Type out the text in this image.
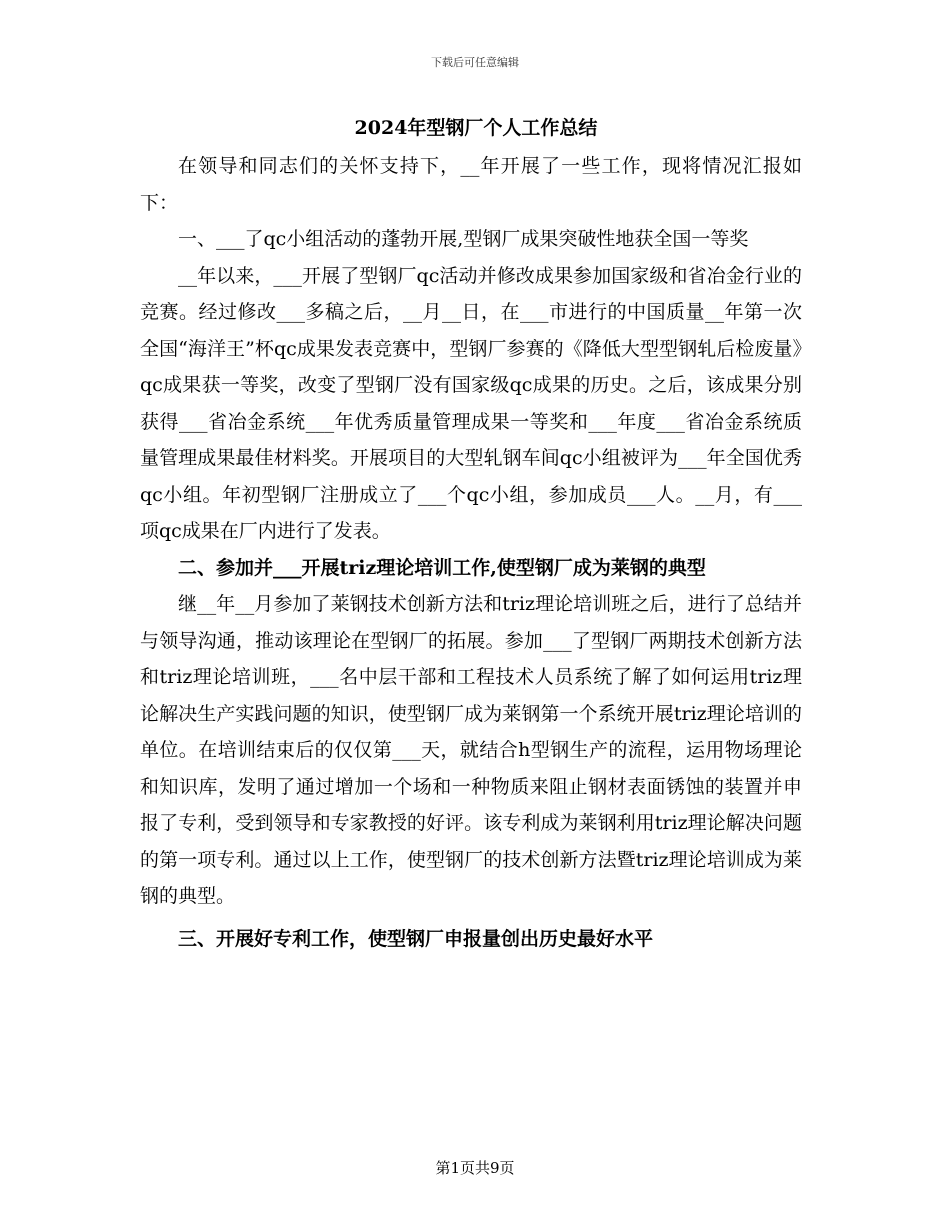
下载后可任意编辑
2024年型钢厂个人工作总结

在领导和同志们的关怀支持下，__年开展了一些工作，现将情况汇报如下：

一、___了qc小组活动的蓬勃开展,型钢厂成果突破性地获全国一等奖

__年以来，___开展了型钢厂qc活动并修改成果参加国家级和省冶金行业的竞赛。经过修改___多稿之后，__月__日，在___市进行的中国质量__年第一次全国“海洋王”杯qc成果发表竞赛中，型钢厂参赛的《降低大型型钢轧后检废量》qc成果获一等奖，改变了型钢厂没有国家级qc成果的历史。之后，该成果分别获得___省冶金系统___年优秀质量管理成果一等奖和___年度___省冶金系统质量管理成果最佳材料奖。开展项目的大型轧钢车间qc小组被评为___年全国优秀qc小组。年初型钢厂注册成立了___个qc小组，参加成员___人。__月，有___项qc成果在厂内进行了发表。

二、参加并___开展triz理论培训工作,使型钢厂成为莱钢的典型

继__年__月参加了莱钢技术创新方法和triz理论培训班之后，进行了总结并与领导沟通，推动该理论在型钢厂的拓展。参加___了型钢厂两期技术创新方法和triz理论培训班，___名中层干部和工程技术人员系统了解了如何运用triz理论解决生产实践问题的知识，使型钢厂成为莱钢第一个系统开展triz理论培训的单位。在培训结束后的仅仅第___天，就结合h型钢生产的流程，运用物场理论和知识库，发明了通过增加一个场和一种物质来阻止钢材表面锈蚀的装置并申报了专利，受到领导和专家教授的好评。该专利成为莱钢利用triz理论解决问题的第一项专利。通过以上工作，使型钢厂的技术创新方法暨triz理论培训成为莱钢的典型。

三、开展好专利工作，使型钢厂申报量创出历史最好水平

第1页共9页
